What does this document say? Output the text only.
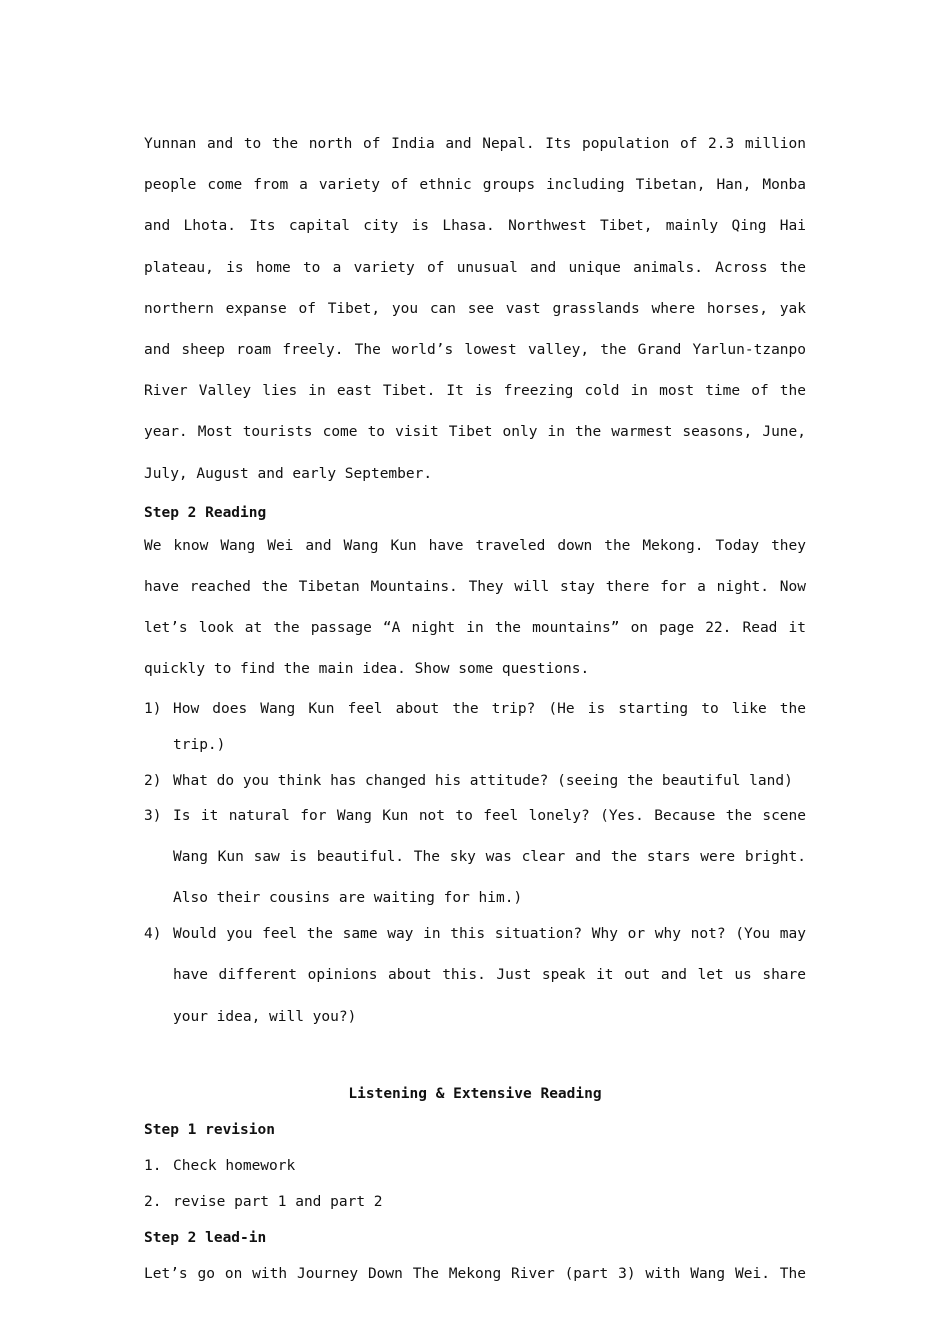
Yunnan and to the north of India and Nepal. Its population of 2.3 million people come from a variety of ethnic groups including Tibetan, Han, Monba and Lhota. Its capital city is Lhasa. Northwest Tibet, mainly Qing Hai plateau, is home to a variety of unusual and unique animals. Across the northern expanse of Tibet, you can see vast grasslands where horses, yak and sheep roam freely. The world’s lowest valley, the Grand Yarlun-tzanpo River Valley lies in east Tibet. It is freezing cold in most time of the year. Most tourists come to visit Tibet only in the warmest seasons, June, July, August and early September.

Step 2 Reading

We know Wang Wei and Wang Kun have traveled down the Mekong. Today they have reached the Tibetan Mountains. They will stay there for a night. Now let’s look at the passage “A night in the mountains” on page 22. Read it quickly to find the main idea. Show some questions.

1) How does Wang Kun feel about the trip? (He is starting to like the trip.)
2) What do you think has changed his attitude? (seeing the beautiful land)
3) Is it natural for Wang Kun not to feel lonely? (Yes. Because the scene Wang Kun saw is beautiful. The sky was clear and the stars were bright. Also their cousins are waiting for him.)
4) Would you feel the same way in this situation? Why or why not? (You may have different opinions about this. Just speak it out and let us share your idea, will you?)

Listening & Extensive Reading

Step 1 revision

1. Check homework
2. revise part 1 and part 2

Step 2 lead-in

Let’s go on with Journey Down The Mekong River (part 3) with Wang Wei. The
